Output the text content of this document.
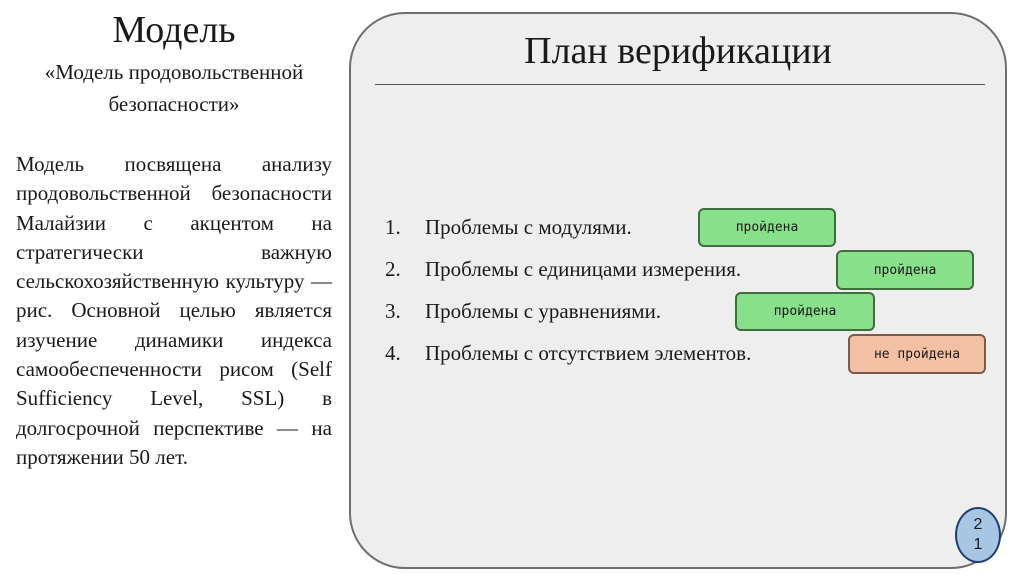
Модель
«Модель продовольственной безопасности»
Модель посвящена анализу продовольственной безопасности Малайзии с акцентом на стратегически важную сельскохозяйственную культуру — рис. Основной целью является изучение динамики индекса самообеспеченности рисом (Self Sufficiency Level, SSL) в долгосрочной перспективе — на протяжении 50 лет.
План верификации
1. Проблемы с модулями.
2. Проблемы с единицами измерения.
3. Проблемы с уравнениями.
4. Проблемы с отсутствием элементов.
пройдена
пройдена
пройдена
не пройдена
2
1
